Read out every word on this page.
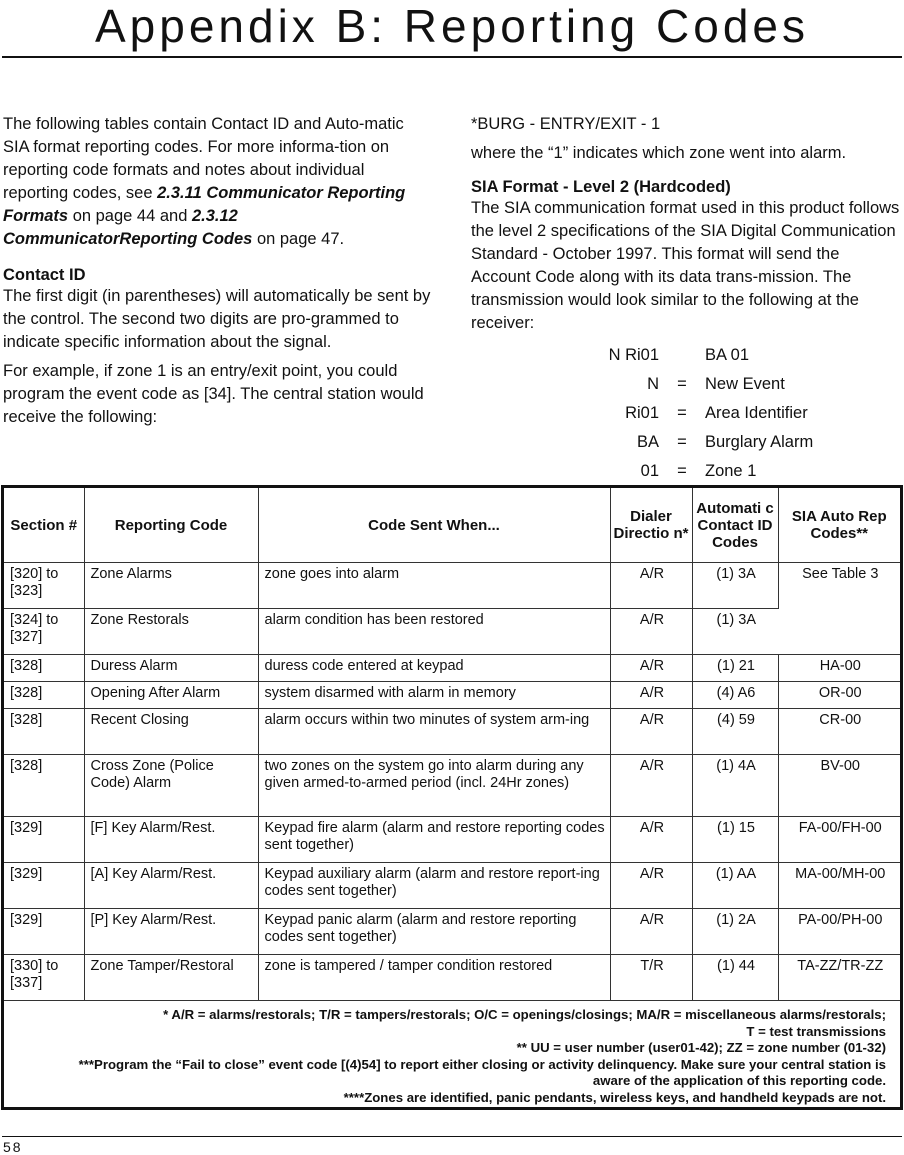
Appendix B: Reporting Codes

The following tables contain Contact ID and Auto-matic SIA format reporting codes. For more informa-tion on reporting code formats and notes about individual reporting codes, see 2.3.11 Communicator Reporting Formats on page 44 and 2.3.12 CommunicatorReporting Codes on page 47.

Contact ID

The first digit (in parentheses) will automatically be sent by the control. The second two digits are pro-grammed to indicate specific information about the signal.

For example, if zone 1 is an entry/exit point, you could program the event code as [34]. The central station would receive the following:

*BURG - ENTRY/EXIT - 1

where the “1” indicates which zone went into alarm.

SIA Format - Level 2 (Hardcoded)

The SIA communication format used in this product follows the level 2 specifications of the SIA Digital Communication Standard - October 1997. This format will send the Account Code along with its data trans-mission. The transmission would look similar to the following at the receiver:

N Ri01		BA 01
N	=	New Event
Ri01	=	Area Identifier
BA	=	Burglary Alarm
01	=	Zone 1
Section #	Reporting Code	Code Sent When...	Dialer Directio n*	Automati c Contact ID Codes	SIA Auto Rep Codes**
[320] to [323]	Zone Alarms	zone goes into alarm	A/R	(1) 3A	See Table 3
[324] to [327]	Zone Restorals	alarm condition has been restored	A/R	(1) 3A	
[328]	Duress Alarm	duress code entered at keypad	A/R	(1) 21	HA-00
[328]	Opening After Alarm	system disarmed with alarm in memory	A/R	(4) A6	OR-00
[328]	Recent Closing	alarm occurs within two minutes of system arm-ing	A/R	(4) 59	CR-00
[328]	Cross Zone (Police Code) Alarm	two zones on the system go into alarm during any given armed-to-armed period (incl. 24Hr zones)	A/R	(1) 4A	BV-00
[329]	[F] Key Alarm/Rest.	Keypad fire alarm (alarm and restore reporting codes sent together)	A/R	(1) 15	FA-00/FH-00
[329]	[A] Key Alarm/Rest.	Keypad auxiliary alarm (alarm and restore report-ing codes sent together)	A/R	(1) AA	MA-00/MH-00
[329]	[P] Key Alarm/Rest.	Keypad panic alarm (alarm and restore reporting codes sent together)	A/R	(1) 2A	PA-00/PH-00
[330] to [337]	Zone Tamper/Restoral	zone is tampered / tamper condition restored	T/R	(1) 44	TA-ZZ/TR-ZZ
* A/R = alarms/restorals; T/R = tampers/restorals; O/C = openings/closings; MA/R = miscellaneous alarms/restorals;
T = test transmissions
** UU = user number (user01-42); ZZ = zone number (01-32)
***Program the “Fail to close” event code [(4)54] to report either closing or activity delinquency. Make sure your central station is
aware of the application of this reporting code.
****Zones are identified, panic pendants, wireless keys, and handheld keypads are not.
58
